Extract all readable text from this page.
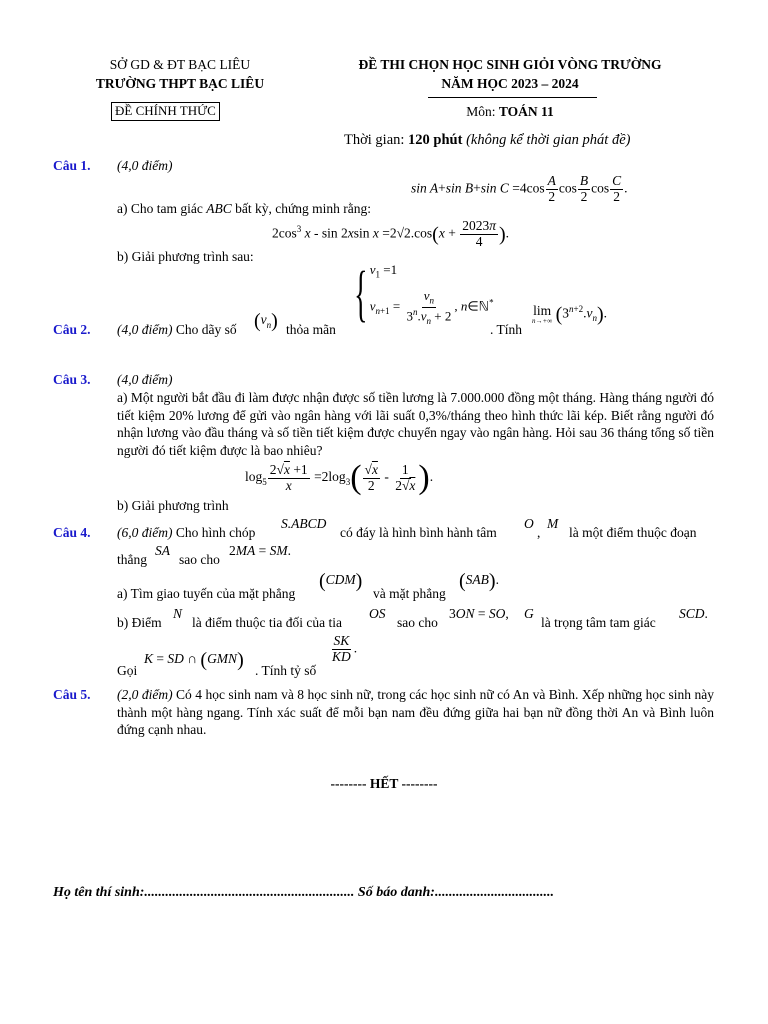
SỞ GD & ĐT BẠC LIÊU
TRƯỜNG THPT BẠC LIÊU
ĐỀ CHÍNH THỨC
ĐỀ THI CHỌN HỌC SINH GIỎI VÒNG TRƯỜNG
NĂM HỌC 2023 – 2024
Môn: TOÁN 11
Thời gian: 120 phút (không kể thời gian phát đề)
Câu 1. (4,0 điểm)
sin A+sin B+sin $C =4\cos \frac{A}{2}$ $\cos \frac{B}{2}$ $\cos \frac{C}{2}$ .
a) Cho tam giác ABC bất kỳ, chứng minh rằng:
$2\cos^3$ x - sin 2xsin $x =2√2.\cos(x + \frac{2023\pi}{4}$ ).
b) Giải phương trình sau:
Câu 2. (4,0 điểm) Cho dãy số $(v_n)$ thỏa mãn
{ $v_1 =1$
$v_{n+1} = \frac{v_n}{3^n.v_n + 2}$ , n∈ℕ*
. Tính
lim
n→+∞ $(3^{n+2}.v_n)$.
Câu 3. (4,0 điểm)
a) Một người bắt đầu đi làm được nhận được số tiền lương là 7.000.000 đồng một tháng. Hàng tháng người đó tiết kiệm 20% lương để gửi vào ngân hàng với lãi suất 0,3%/tháng theo hình thức lãi kép. Biết rằng người đó nhận lương vào đầu tháng và số tiền tiết kiệm được chuyển ngay vào ngân hàng. Hỏi sau 36 tháng tổng số tiền người đó tiết kiệm được là bao nhiêu?
$\log_5 \frac{2√x +1}{x} =2\log_3( \frac{√x}{2} - \frac{1}{2√x}$ ).
b) Giải phương trình
Câu 4. (6,0 điểm) Cho hình chóp
S.ABCD
có đáy là hình bình hành tâm
O
,
M
là một điểm thuộc đoạn
thẳng
SA
sao cho
2MA = SM.
a) Tìm giao tuyến của mặt phẳng
(CDM)
và mặt phẳng
(SAB).
b) Điểm
N
là điểm thuộc tia đối của tia
OS
sao cho
3ON = SO, G
là trọng tâm tam giác
SCD.
Gọi
K = SD ∩ (GMN) . Tính tỷ số
$\frac{SK}{KD}$ .
Câu 5. (2,0 điểm) Có 4 học sinh nam và 8 học sinh nữ, trong các học sinh nữ có An và Bình. Xếp những học sinh này thành một hàng ngang. Tính xác suất để mỗi bạn nam đều đứng giữa hai bạn nữ đồng thời An và Bình luôn đứng cạnh nhau.
-------- HẾT --------
Họ tên thí sinh:............................................................ Số báo danh:..................................
